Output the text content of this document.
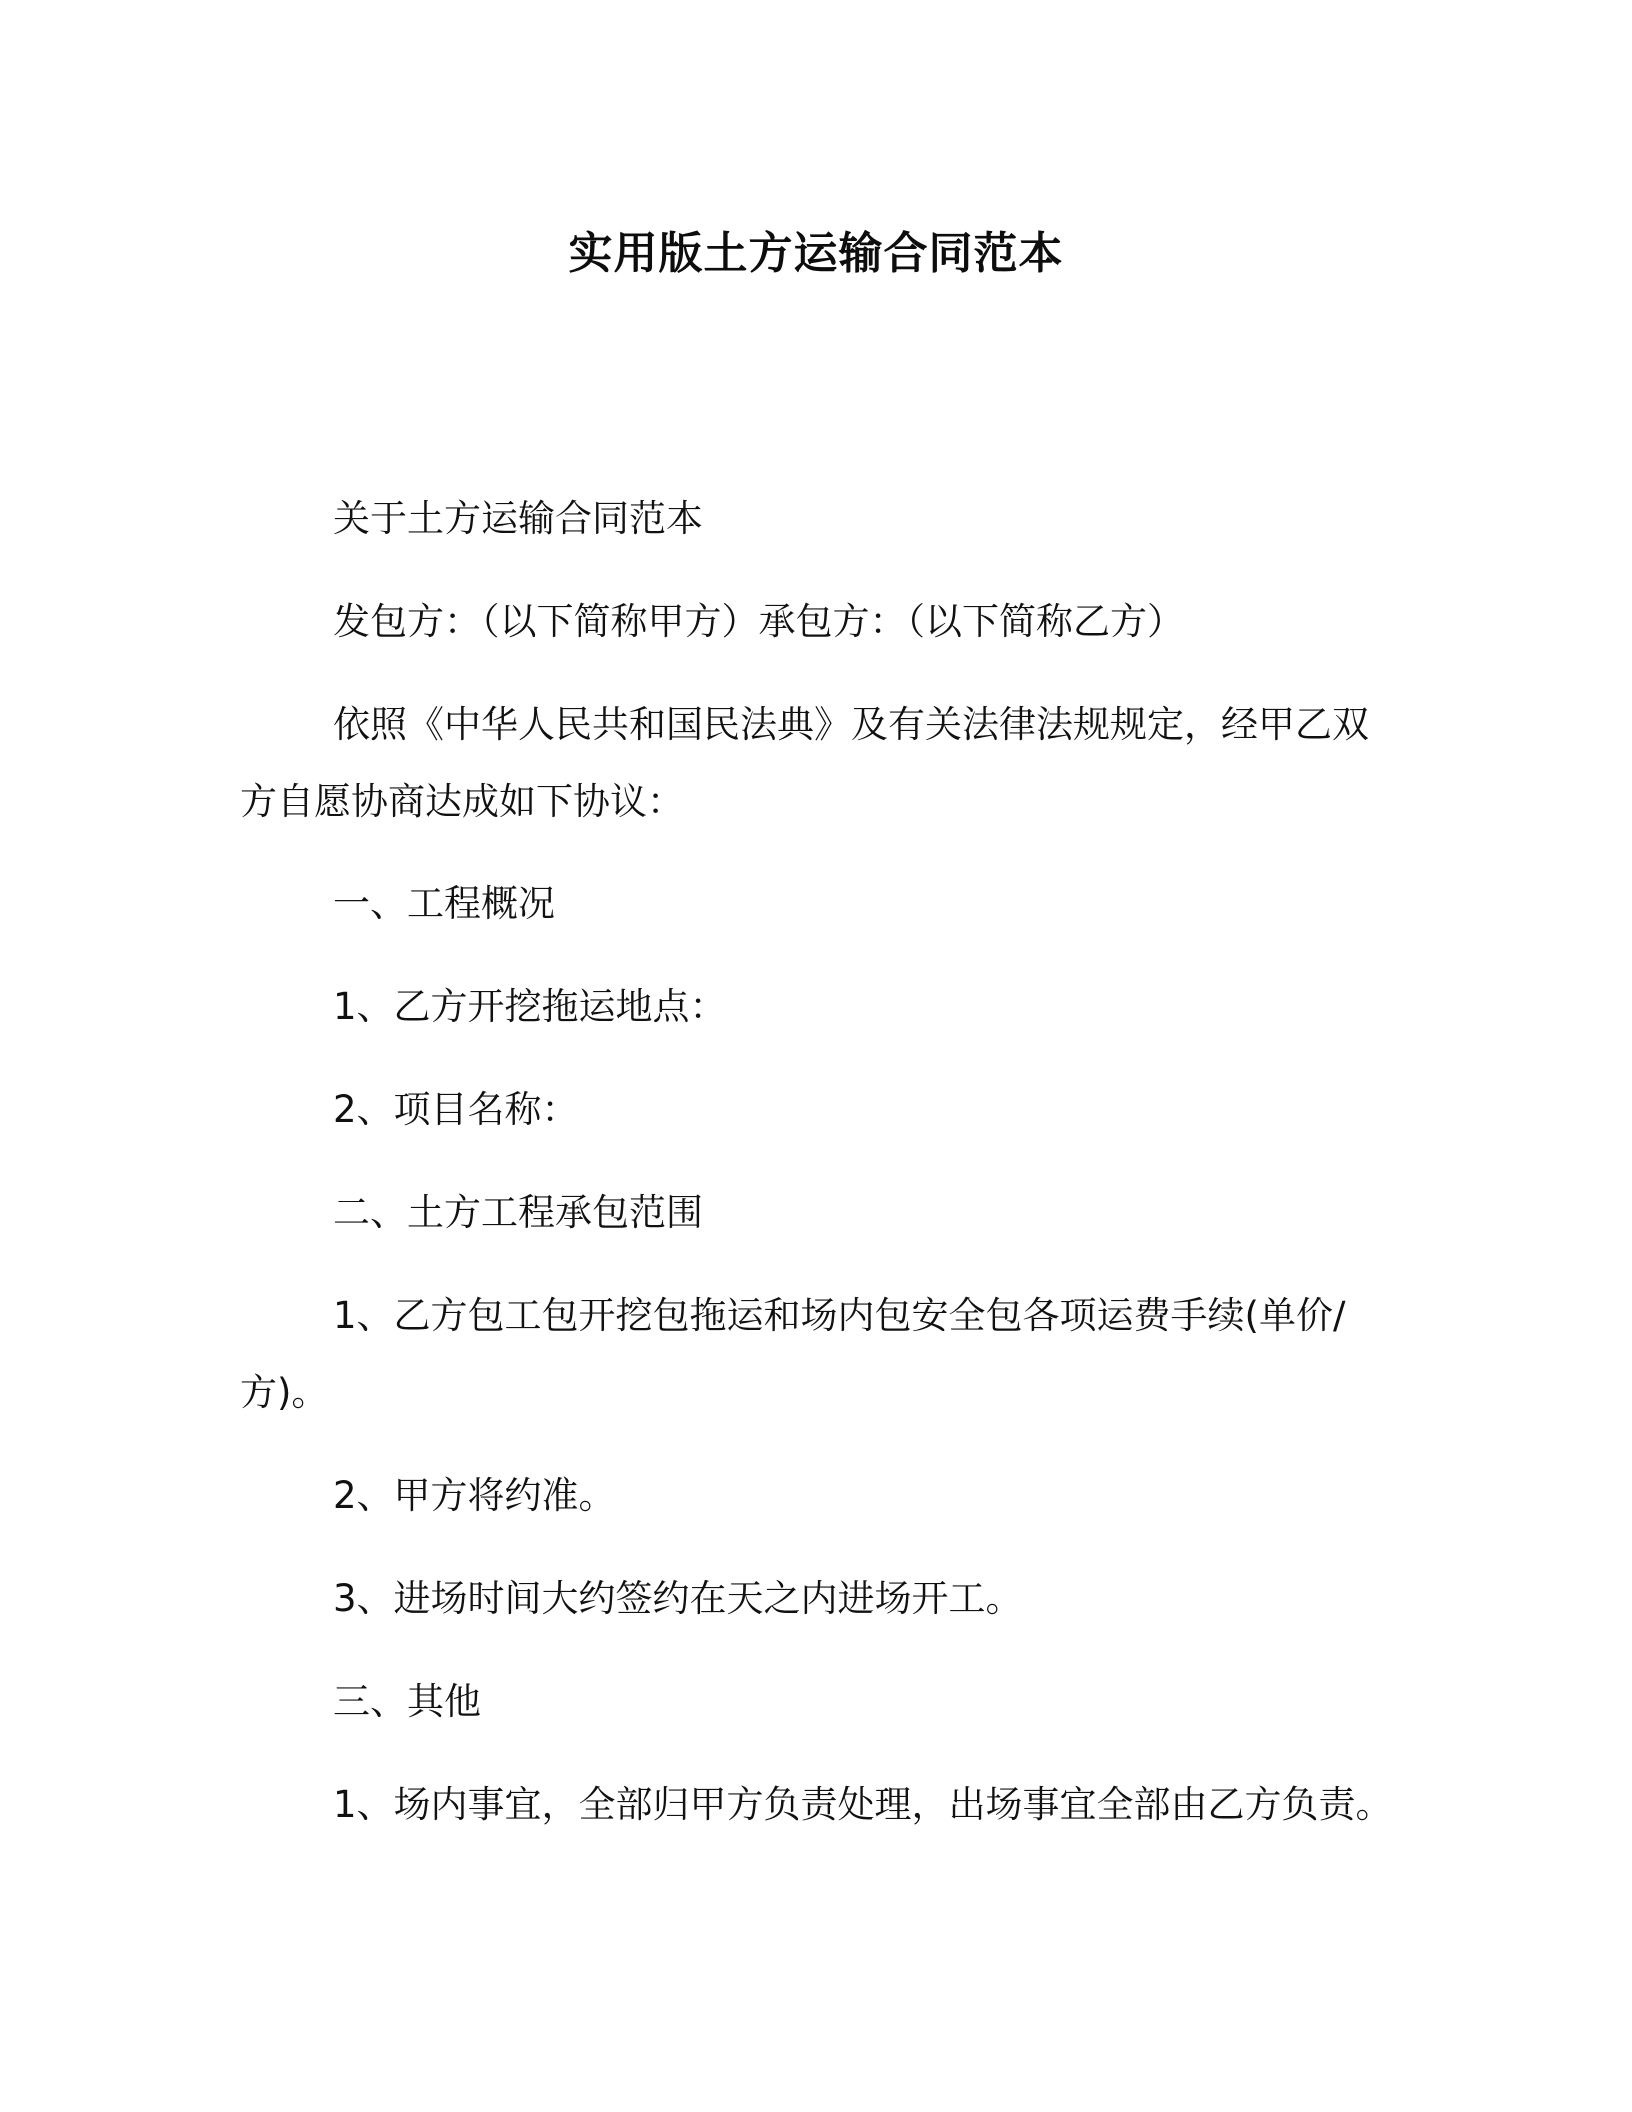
实用版土方运输合同范本
关于土方运输合同范本
发包方：（以下简称甲方）承包方：（以下简称乙方）
依照《中华人民共和国民法典》及有关法律法规规定，经甲乙双
方自愿协商达成如下协议：
一、工程概况
1、乙方开挖拖运地点：
2、项目名称：
二、土方工程承包范围
1、乙方包工包开挖包拖运和场内包安全包各项运费手续(单价/
方)。
2、甲方将约准。
3、进场时间大约签约在天之内进场开工。
三、其他
1、场内事宜，全部归甲方负责处理，出场事宜全部由乙方负责。
